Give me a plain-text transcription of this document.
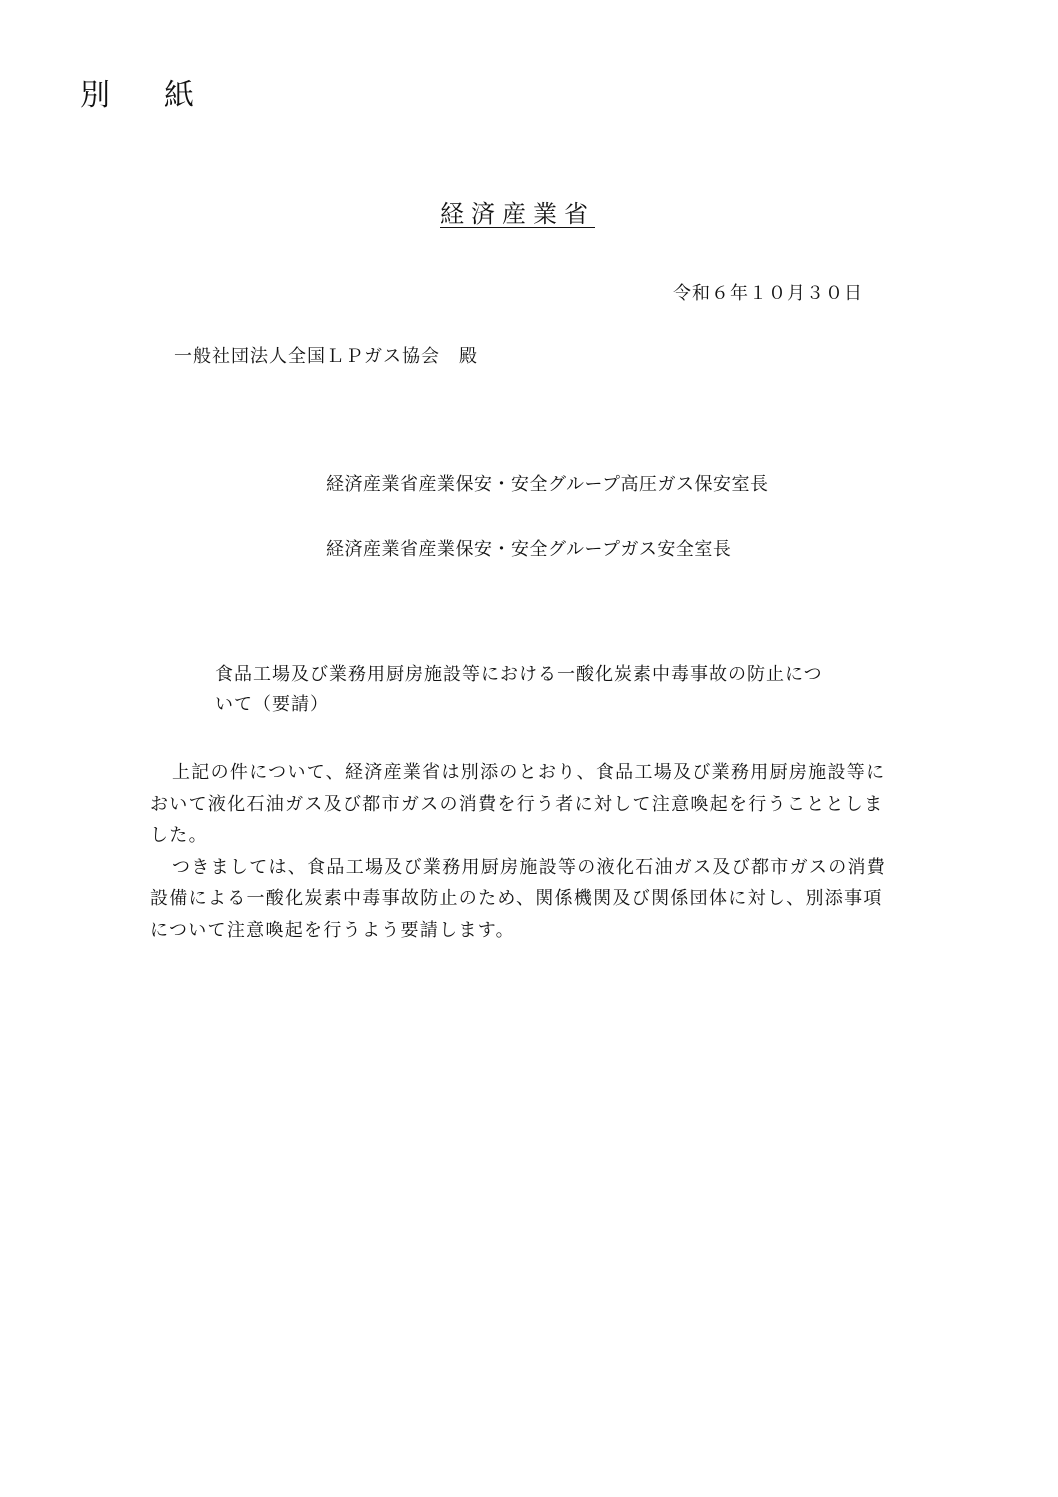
別　紙
経済産業省
令和６年１０月３０日
一般社団法人全国ＬＰガス協会　殿
経済産業省産業保安・安全グループ高圧ガス保安室長
経済産業省産業保安・安全グループガス安全室長
食品工場及び業務用厨房施設等における一酸化炭素中毒事故の防止につ
いて（要請）
上記の件について、経済産業省は別添のとおり、食品工場及び業務用厨房施設等に
おいて液化石油ガス及び都市ガスの消費を行う者に対して注意喚起を行うこととしま
した。
つきましては、食品工場及び業務用厨房施設等の液化石油ガス及び都市ガスの消費
設備による一酸化炭素中毒事故防止のため、関係機関及び関係団体に対し、別添事項
について注意喚起を行うよう要請します。
